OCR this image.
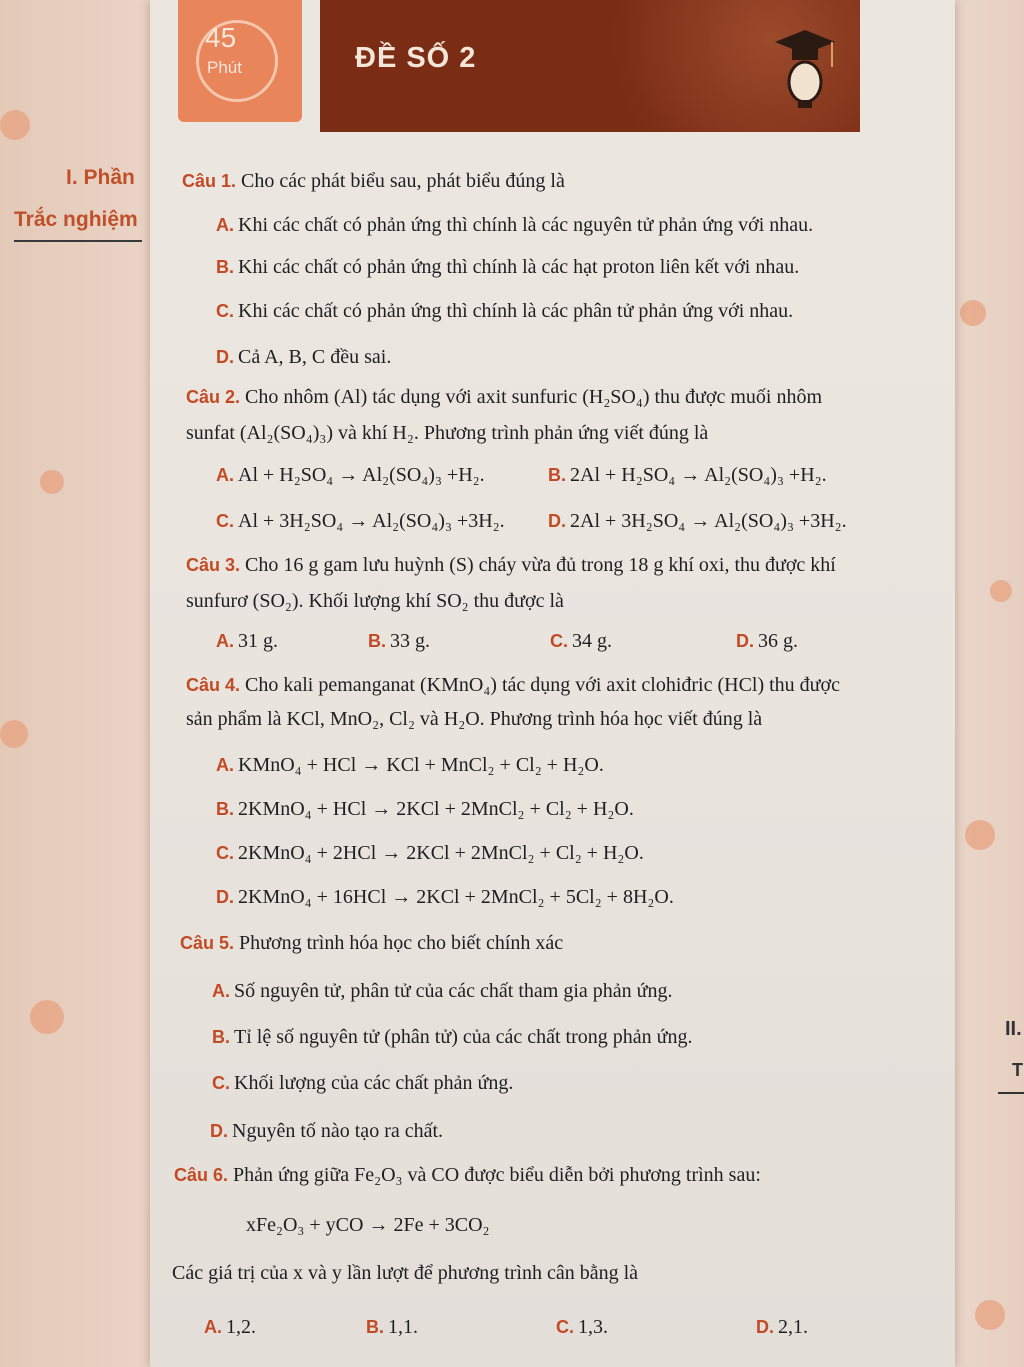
45
Phút	ĐỀ SỐ 2
I. Phần
Trắc nghiệm
II.
T
Câu 1. Cho các phát biểu sau, phát biểu đúng là
A. Khi các chất có phản ứng thì chính là các nguyên tử phản ứng với nhau.
B. Khi các chất có phản ứng thì chính là các hạt proton liên kết với nhau.
C. Khi các chất có phản ứng thì chính là các phân tử phản ứng với nhau.
D. Cả A, B, C đều sai.
Câu 2. Cho nhôm (Al) tác dụng với axit sunfuric (H₂SO₄) thu được muối nhôm
sunfat (Al₂(SO₄)₃) và khí H₂. Phương trình phản ứng viết đúng là
A. Al + H₂SO₄ → Al₂(SO₄)₃ +H₂.	B. 2Al + H₂SO₄ → Al₂(SO₄)₃ +H₂.
C. Al + 3H₂SO₄ → Al₂(SO₄)₃ +3H₂. D. 2Al + 3H₂SO₄ → Al₂(SO₄)₃ +3H₂.
Câu 3. Cho 16 g gam lưu huỳnh (S) cháy vừa đủ trong 18 g khí oxi, thu được khí
sunfurơ (SO₂). Khối lượng khí SO₂ thu được là
A. 31 g.	B. 33 g.	C. 34 g.	D. 36 g.
Câu 4. Cho kali pemanganat (KMnO₄) tác dụng với axit clohiđric (HCl) thu được
sản phẩm là KCl, MnO₂, Cl₂ và H₂O. Phương trình hóa học viết đúng là
A. KMnO₄ + HCl → KCl + MnCl₂ + Cl₂ + H₂O.
B. 2KMnO₄ + HCl → 2KCl + 2MnCl₂ + Cl₂ + H₂O.
C. 2KMnO₄ + 2HCl → 2KCl + 2MnCl₂ + Cl₂ + H₂O.
D. 2KMnO₄ + 16HCl → 2KCl + 2MnCl₂ + 5Cl₂ + 8H₂O.
Câu 5. Phương trình hóa học cho biết chính xác
A. Số nguyên tử, phân tử của các chất tham gia phản ứng.
B. Tỉ lệ số nguyên tử (phân tử) của các chất trong phản ứng.
C. Khối lượng của các chất phản ứng.
D. Nguyên tố nào tạo ra chất.
Câu 6. Phản ứng giữa Fe₂O₃ và CO được biểu diễn bởi phương trình sau:
xFe₂O₃ + yCO → 2Fe + 3CO₂
Các giá trị của x và y lần lượt để phương trình cân bằng là
A. 1,2.	B. 1,1.	C. 1,3.	D. 2,1.
